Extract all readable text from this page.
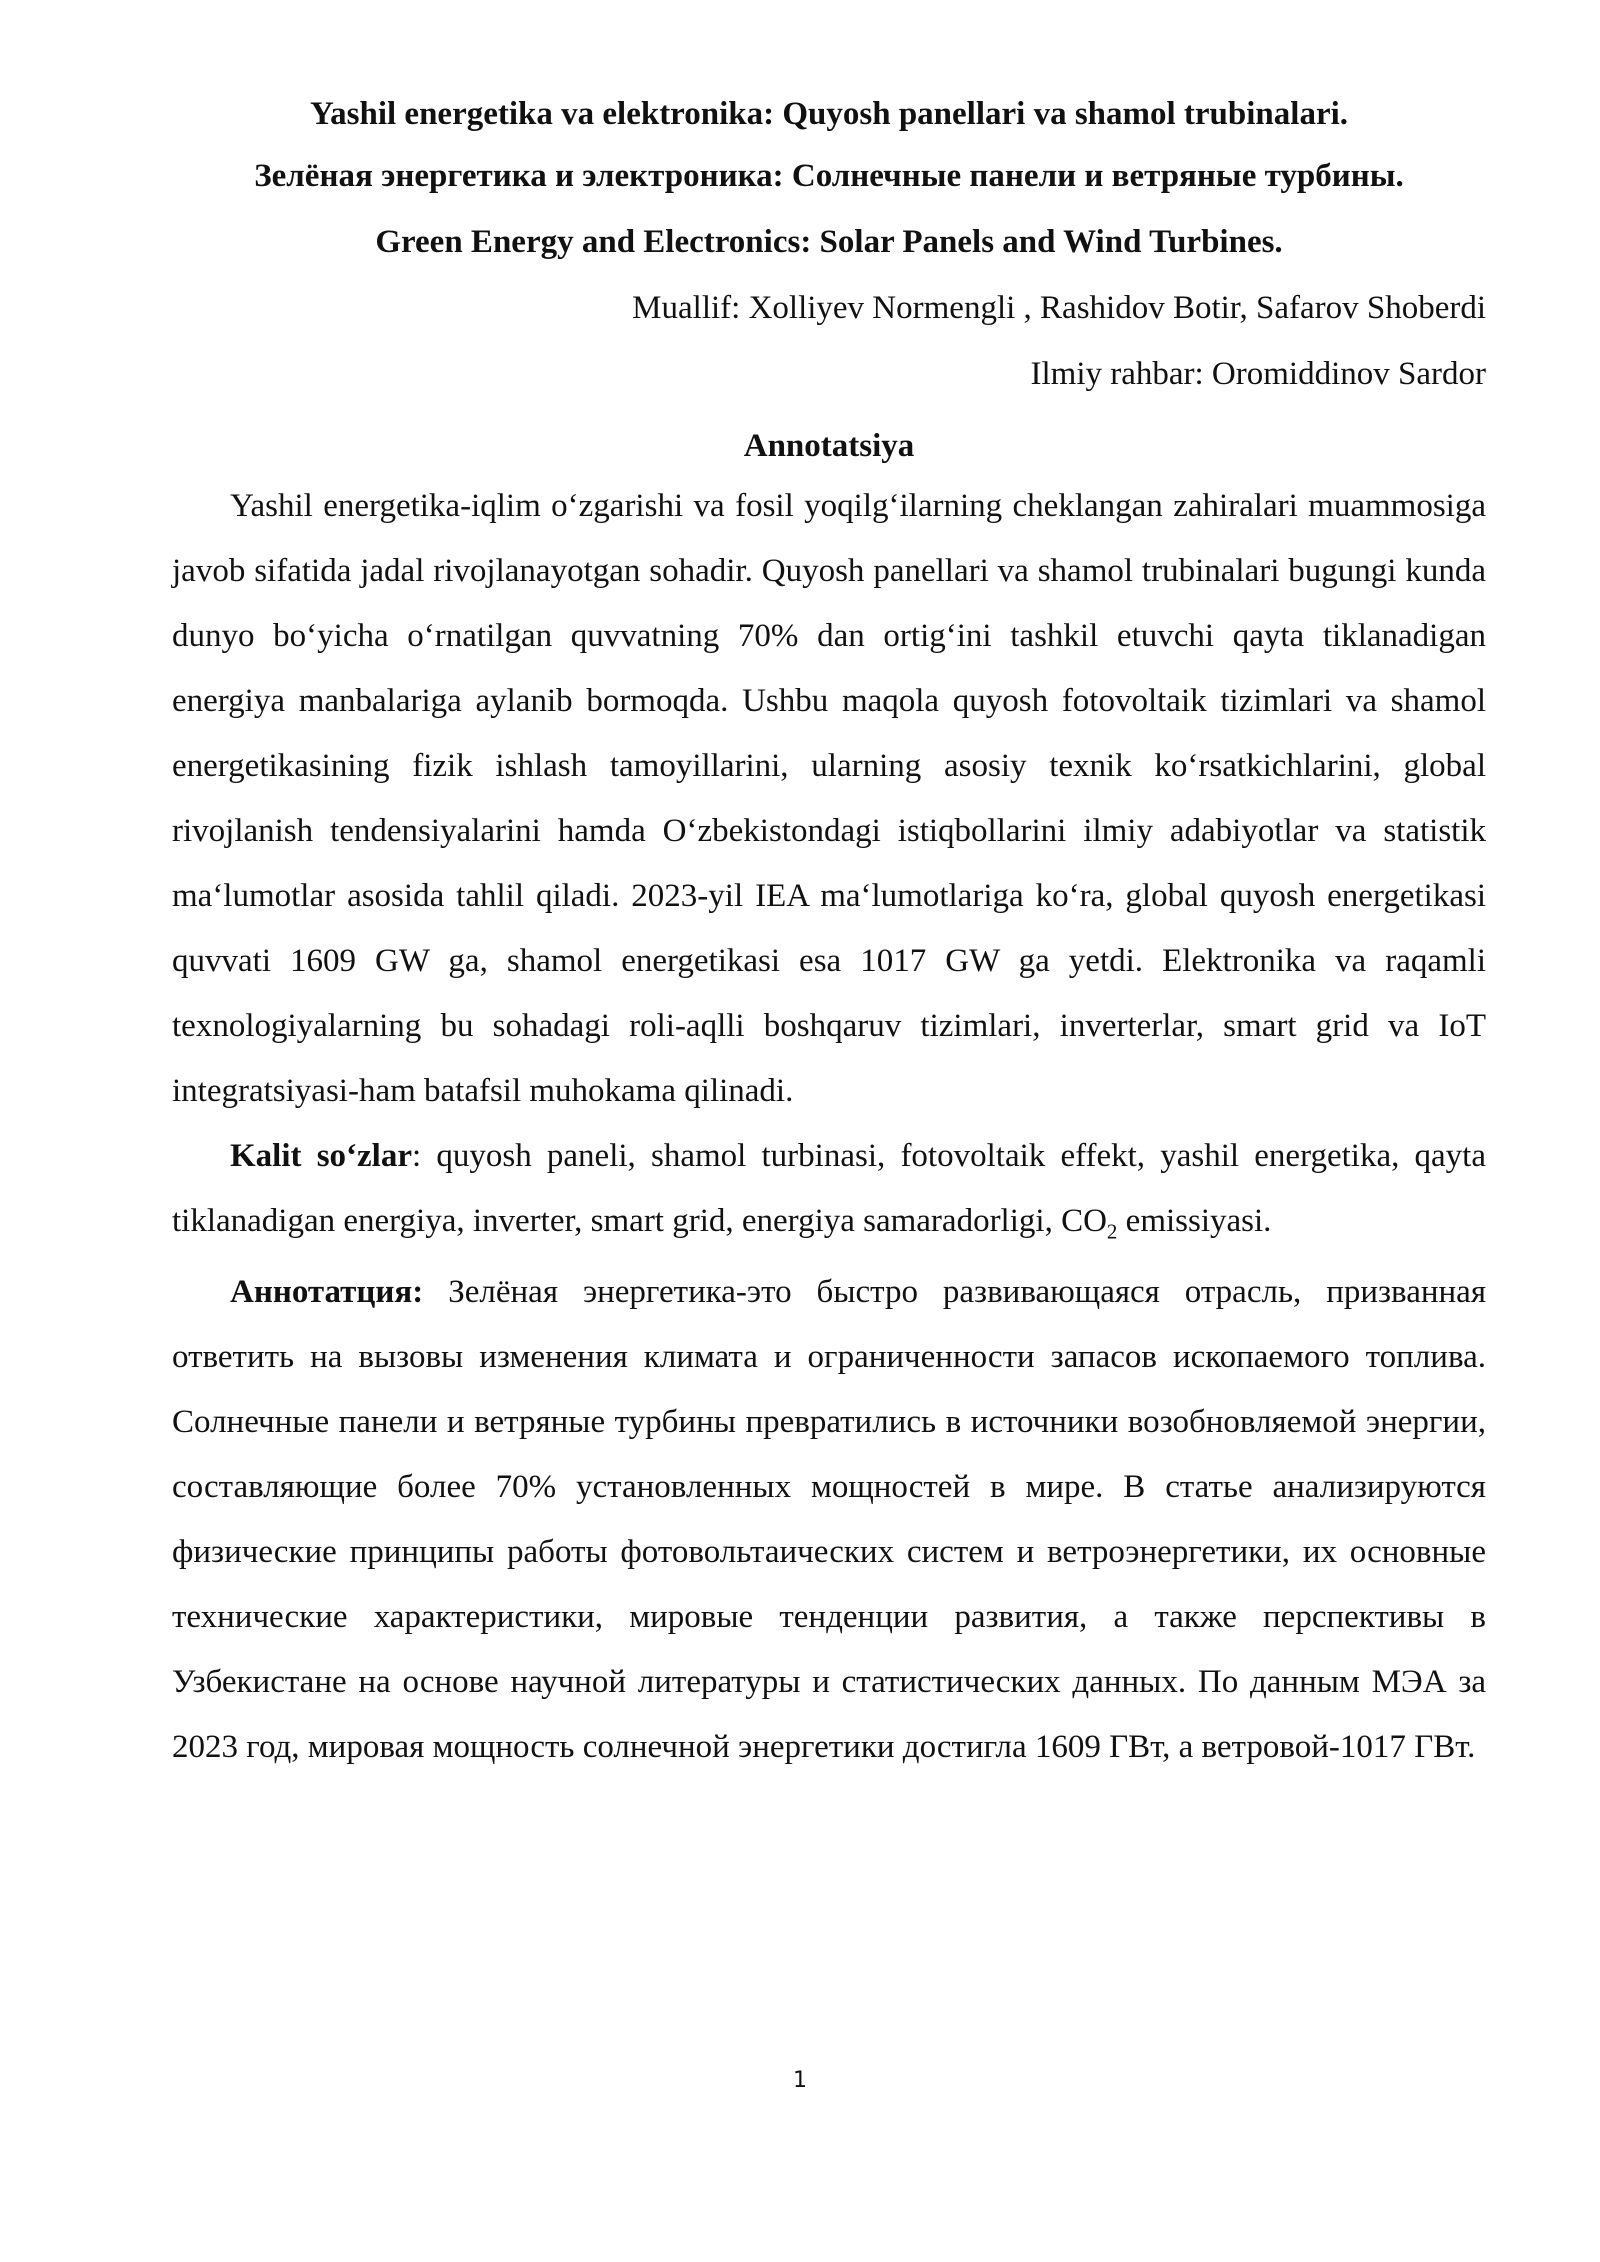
Yashil energetika va elektronika: Quyosh panellari va shamol trubinalari.

Зелёная энергетика и электроника: Солнечные панели и ветряные турбины.

Green Energy and Electronics: Solar Panels and Wind Turbines.

Muallif: Xolliyev Normengli , Rashidov Botir, Safarov Shoberdi

Ilmiy rahbar: Oromiddinov Sardor

Annotatsiya

Yashil energetika-iqlim oʻzgarishi va fosil yoqilgʻilarning cheklangan zahiralari muammosiga javob sifatida jadal rivojlanayotgan sohadir. Quyosh panellari va shamol trubinalari bugungi kunda dunyo boʻyicha oʻrnatilgan quvvatning 70% dan ortigʻini tashkil etuvchi qayta tiklanadigan energiya manbalariga aylanib bormoqda. Ushbu maqola quyosh fotovoltaik tizimlari va shamol energetikasining fizik ishlash tamoyillarini, ularning asosiy texnik koʻrsatkichlarini, global rivojlanish tendensiyalarini hamda Oʻzbekistondagi istiqbollarini ilmiy adabiyotlar va statistik maʻlumotlar asosida tahlil qiladi. 2023-yil IEA maʻlumotlariga koʻra, global quyosh energetikasi quvvati 1609 GW ga, shamol energetikasi esa 1017 GW ga yetdi. Elektronika va raqamli texnologiyalarning bu sohadagi roli-aqlli boshqaruv tizimlari, inverterlar, smart grid va IoT integratsiyasi-ham batafsil muhokama qilinadi.

Kalit soʻzlar: quyosh paneli, shamol turbinasi, fotovoltaik effekt, yashil energetika, qayta tiklanadigan energiya, inverter, smart grid, energiya samaradorligi, $CO_2$ emissiyasi.

Аннотатция: Зелёная энергетика-это быстро развивающаяся отрасль, призванная ответить на вызовы изменения климата и ограниченности запасов ископаемого топлива. Солнечные панели и ветряные турбины превратились в источники возобновляемой энергии, составляющие более 70% установленных мощностей в мире. В статье анализируются физические принципы работы фотовольтаических систем и ветроэнергетики, их основные технические характеристики, мировые тенденции развития, а также перспективы в Узбекистане на основе научной литературы и статистических данных. По данным МЭА за 2023 год, мировая мощность солнечной энергетики достигла 1609 ГВт, а ветровой-1017 ГВт.

1
